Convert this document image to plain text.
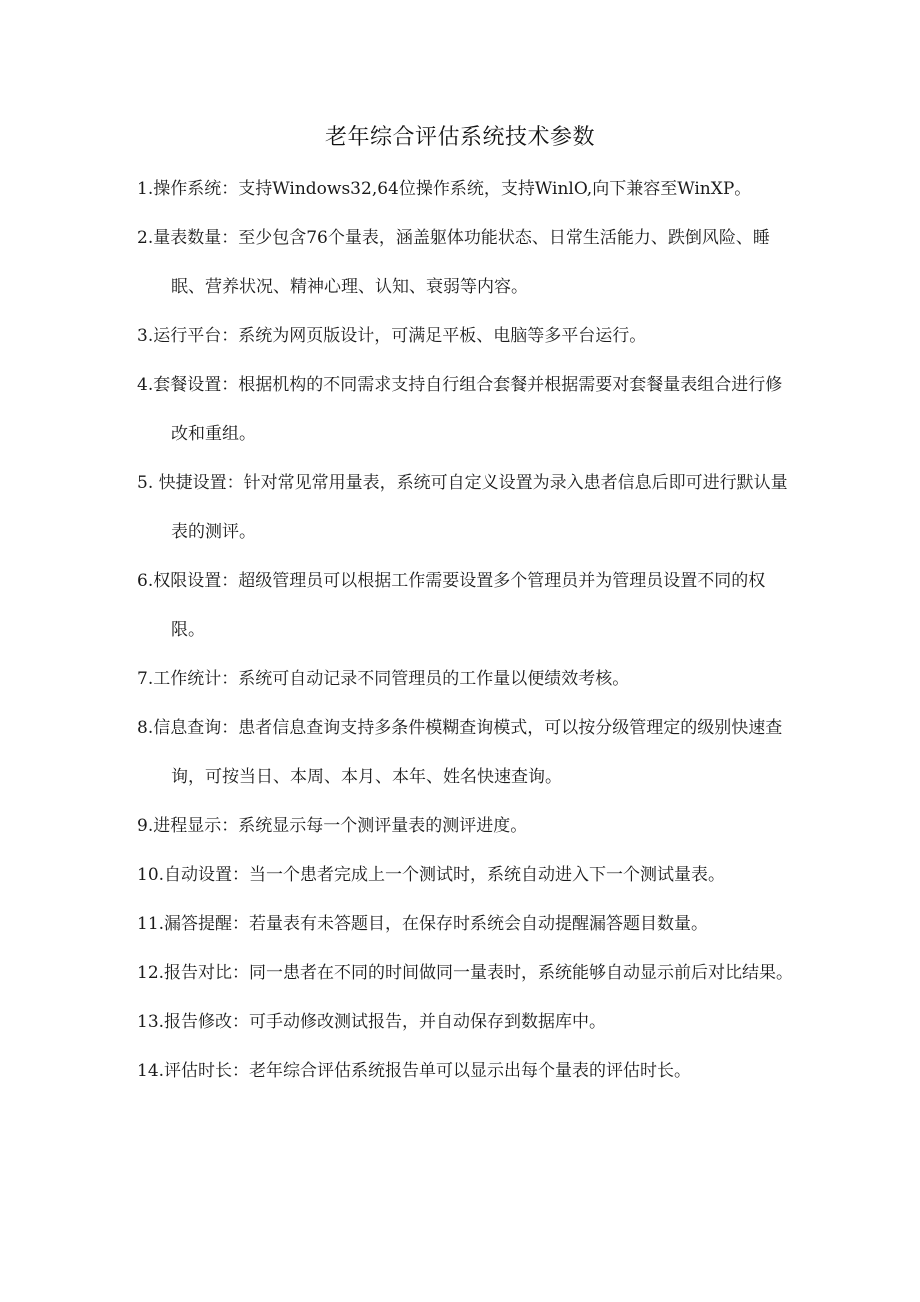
老年综合评估系统技术参数
1.操作系统：支持Windows32,64位操作系统，支持WinlO,向下兼容至WinXP。
2.量表数量：至少包含76个量表，涵盖躯体功能状态、日常生活能力、跌倒风险、睡眠、营养状况、精神心理、认知、衰弱等内容。
3.运行平台：系统为网页版设计，可满足平板、电脑等多平台运行。
4.套餐设置：根据机构的不同需求支持自行组合套餐并根据需要对套餐量表组合进行修改和重组。
5. 快捷设置：针对常见常用量表，系统可自定义设置为录入患者信息后即可进行默认量表的测评。
6.权限设置：超级管理员可以根据工作需要设置多个管理员并为管理员设置不同的权限。
7.工作统计：系统可自动记录不同管理员的工作量以便绩效考核。
8.信息查询：患者信息查询支持多条件模糊查询模式，可以按分级管理定的级别快速查询，可按当日、本周、本月、本年、姓名快速查询。
9.进程显示：系统显示每一个测评量表的测评进度。
10.自动设置：当一个患者完成上一个测试时，系统自动进入下一个测试量表。
11.漏答提醒：若量表有未答题目，在保存时系统会自动提醒漏答题目数量。
12.报告对比：同一患者在不同的时间做同一量表时，系统能够自动显示前后对比结果。
13.报告修改：可手动修改测试报告，并自动保存到数据库中。
14.评估时长：老年综合评估系统报告单可以显示出每个量表的评估时长。
